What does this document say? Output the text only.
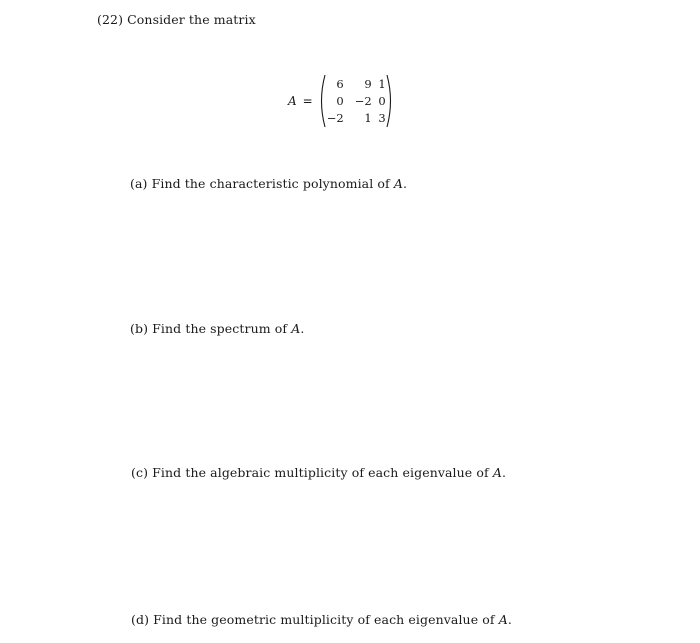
(22) Consider the matrix
A =
6	9 1
0 −2 0
−2	1 3
(a) Find the characteristic polynomial of A.
(b) Find the spectrum of A.
(c) Find the algebraic multiplicity of each eigenvalue of A.
(d) Find the geometric multiplicity of each eigenvalue of A.
